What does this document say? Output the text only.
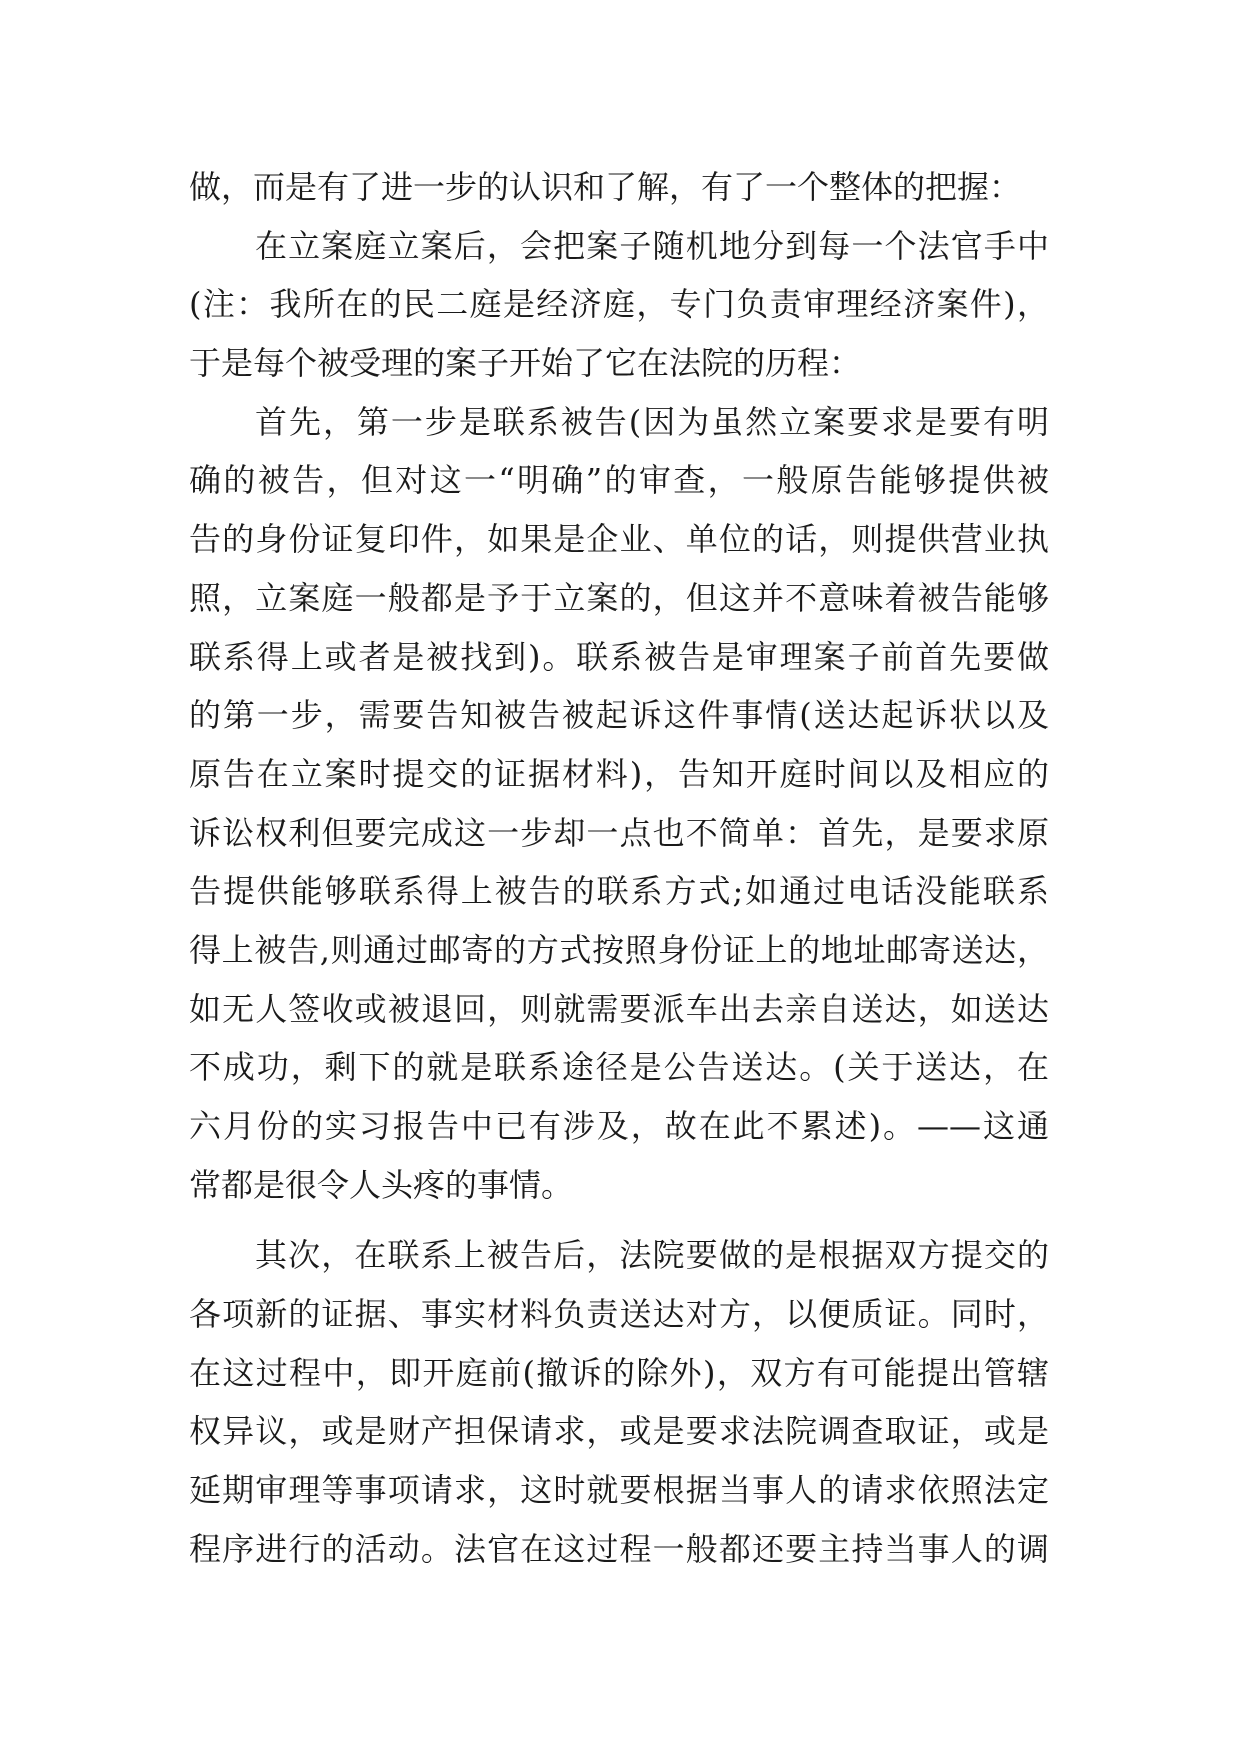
做，而是有了进一步的认识和了解，有了一个整体的把握：
在立案庭立案后，会把案子随机地分到每一个法官手中
(注：我所在的民二庭是经济庭，专门负责审理经济案件)，
于是每个被受理的案子开始了它在法院的历程：
首先，第一步是联系被告(因为虽然立案要求是要有明
确的被告，但对这一“明确”的审查，一般原告能够提供被
告的身份证复印件，如果是企业、单位的话，则提供营业执
照，立案庭一般都是予于立案的，但这并不意味着被告能够
联系得上或者是被找到)。联系被告是审理案子前首先要做
的第一步，需要告知被告被起诉这件事情(送达起诉状以及
原告在立案时提交的证据材料)，告知开庭时间以及相应的
诉讼权利但要完成这一步却一点也不简单：首先，是要求原
告提供能够联系得上被告的联系方式;如通过电话没能联系
得上被告,则通过邮寄的方式按照身份证上的地址邮寄送达，
如无人签收或被退回，则就需要派车出去亲自送达，如送达
不成功，剩下的就是联系途径是公告送达。(关于送达，在
六月份的实习报告中已有涉及，故在此不累述)。——这通
常都是很令人头疼的事情。
其次，在联系上被告后，法院要做的是根据双方提交的
各项新的证据、事实材料负责送达对方，以便质证。同时，
在这过程中，即开庭前(撤诉的除外)，双方有可能提出管辖
权异议，或是财产担保请求，或是要求法院调查取证，或是
延期审理等事项请求，这时就要根据当事人的请求依照法定
程序进行的活动。法官在这过程一般都还要主持当事人的调
